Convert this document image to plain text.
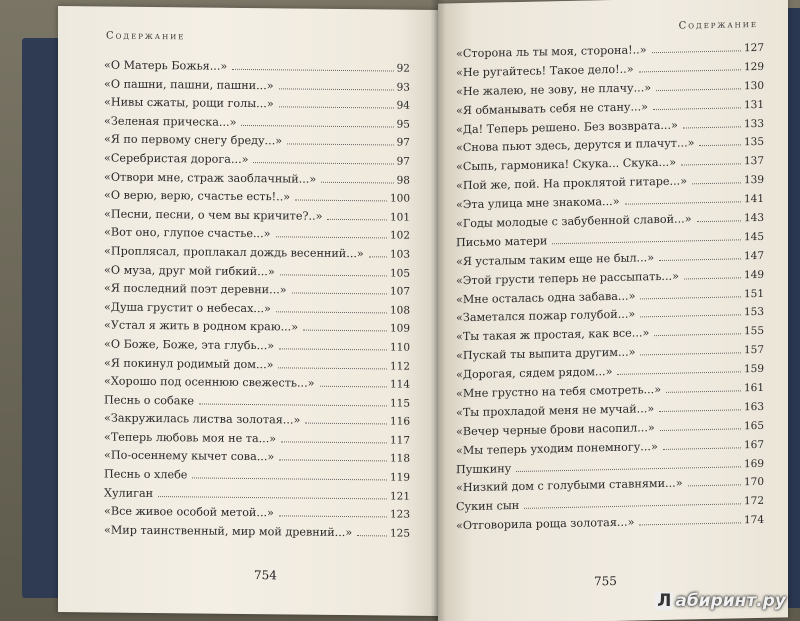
Содержание
«О Матерь Божья...»	92
«О пашни, пашни, пашни...»	93
«Нивы сжаты, рощи голы...»	94
«Зеленая прическа...»	95
«Я по первому снегу бреду...»	97
«Серебристая дорога...»	97
«Отвори мне, страж заоблачный...»	98
«О верю, верю, счастье есть!..»	100
«Песни, песни, о чем вы кричите?..»	101
«Вот оно, глупое счастье...»	102
«Проплясал, проплакал дождь весенний...» 103
«О муза, друг мой гибкий...»	105
«Я последний поэт деревни...»	107
«Душа грустит о небесах...»	108
«Устал я жить в родном краю...»	109
«О Боже, Боже, эта глубь...»	110
«Я покинул родимый дом...»	112
«Хорошо под осеннюю свежесть...»	114
Песнь о собаке	115
«Закружилась листва золотая...»	116
«Теперь любовь моя не та...»	117
«По-осеннему кычет сова...»	118
Песнь о хлебе	119
Хулиган	121
«Все живое особой метой...»	123
«Мир таинственный, мир мой древний...»	125
754
Содержание
«Сторона ль ты моя, сторона!..»	127
«Не ругайтесь! Такое дело!..»	129
«Не жалею, не зову, не плачу...»	130
«Я обманывать себя не стану...»	131
«Да! Теперь решено. Без возврата...»	133
«Снова пьют здесь, дерутся и плачут...»	135
«Сыпь, гармоника! Скука... Скука...»	137
«Пой же, пой. На проклятой гитаре...»	139
«Эта улица мне знакома...»	141
«Годы молодые с забубенной славой...»	143
Письмо матери	145
«Я усталым таким еще не был...»	147
«Этой грусти теперь не рассыпать...»	149
«Мне осталась одна забава...»	151
«Заметался пожар голубой...»	153
«Ты такая ж простая, как все...»	155
«Пускай ты выпита другим...»	157
«Дорогая, сядем рядом...»	159
«Мне грустно на тебя смотреть...»	161
«Ты прохладой меня не мучай...»	163
«Вечер черные брови насопил...»	165
«Мы теперь уходим понемногу...»	167
Пушкину	169
«Низкий дом с голубыми ставнями...»	170
Сукин сын	172
«Отговорила роща золотая...»	174
755
Л абиринт.ру
